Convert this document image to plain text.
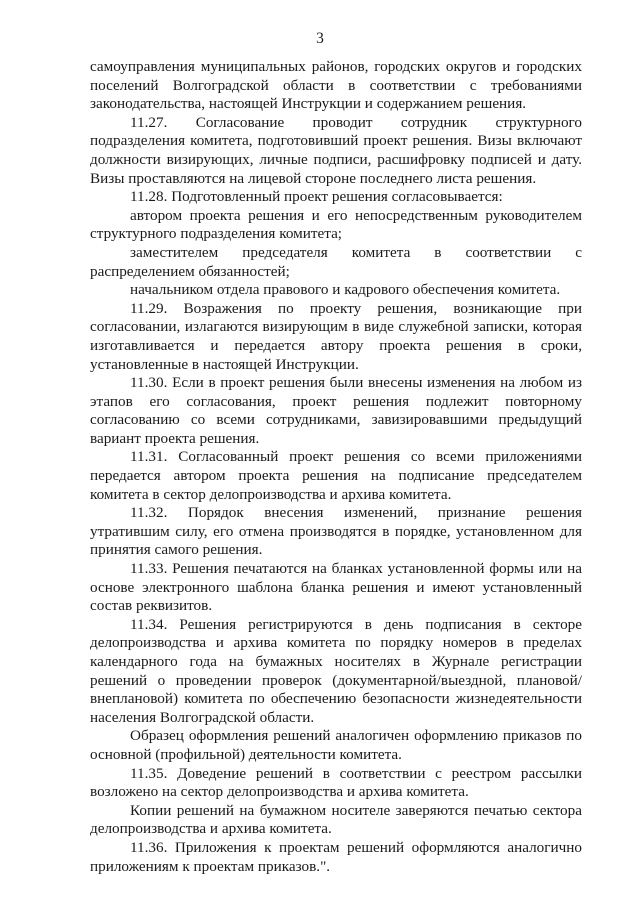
3

самоуправления муниципальных районов, городских округов и городских поселений Волгоградской области в соответствии с требованиями законодательства, настоящей Инструкции и содержанием решения.

11.27. Согласование проводит сотрудник структурного подразделения комитета, подготовивший проект решения. Визы включают должности визирующих, личные подписи, расшифровку подписей и дату. Визы проставляются на лицевой стороне последнего листа решения.

11.28. Подготовленный проект решения согласовывается:

автором проекта решения и его непосредственным руководителем структурного подразделения комитета;

заместителем председателя комитета в соответствии с распределением обязанностей;

начальником отдела правового и кадрового обеспечения комитета.

11.29. Возражения по проекту решения, возникающие при согласовании, излагаются визирующим в виде служебной записки, которая изготавливается и передается автору проекта решения в сроки, установленные в настоящей Инструкции.

11.30. Если в проект решения были внесены изменения на любом из этапов его согласования, проект решения подлежит повторному согласованию со всеми сотрудниками, завизировавшими предыдущий вариант проекта решения.

11.31. Согласованный проект решения со всеми приложениями передается автором проекта решения на подписание председателем комитета в сектор делопроизводства и архива комитета.

11.32. Порядок внесения изменений, признание решения утратившим силу, его отмена производятся в порядке, установленном для принятия самого решения.

11.33. Решения печатаются на бланках установленной формы или на основе электронного шаблона бланка решения и имеют установленный состав реквизитов.

11.34. Решения регистрируются в день подписания в секторе делопроизводства и архива комитета по порядку номеров в пределах календарного года на бумажных носителях в Журнале регистрации решений о проведении проверок (документарной/выездной, плановой/внеплановой) комитета по обеспечению безопасности жизнедеятельности населения Волгоградской области.

Образец оформления решений аналогичен оформлению приказов по основной (профильной) деятельности комитета.

11.35. Доведение решений в соответствии с реестром рассылки возложено на сектор делопроизводства и архива комитета.

Копии решений на бумажном носителе заверяются печатью сектора делопроизводства и архива комитета.

11.36. Приложения к проектам решений оформляются аналогично приложениям к проектам приказов.".
